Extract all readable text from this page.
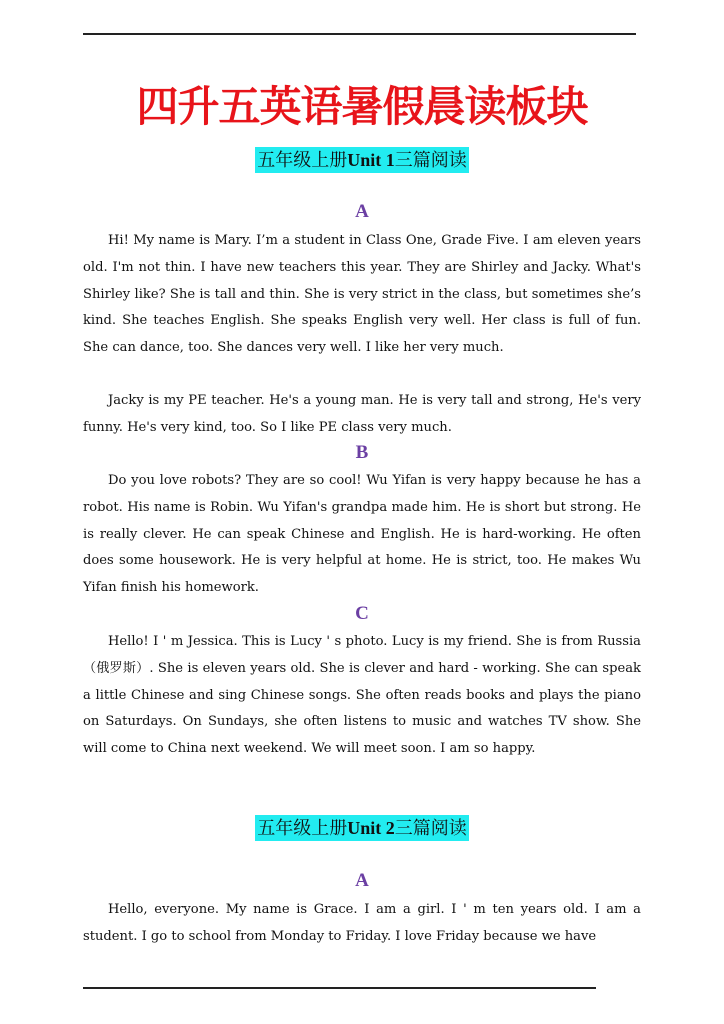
四升五英语暑假晨读板块
五年级上册Unit 1三篇阅读
A

Hi! My name is Mary. I’m a student in Class One, Grade Five. I am eleven years old. I'm not thin. I have new teachers this year. They are Shirley and Jacky. What's Shirley like? She is tall and thin. She is very strict in the class, but sometimes she’s kind. She teaches English. She speaks English very well. Her class is full of fun. She can dance, too. She dances very well. I like her very much.

Jacky is my PE teacher. He's a young man. He is very tall and strong, He's very funny. He's very kind, too. So I like PE class very much.

B

Do you love robots? They are so cool! Wu Yifan is very happy because he has a robot. His name is Robin. Wu Yifan's grandpa made him. He is short but strong. He is really clever. He can speak Chinese and English. He is hard-working. He often does some housework. He is very helpful at home. He is strict, too. He makes Wu Yifan finish his homework.

C

Hello! I ' m Jessica. This is Lucy ' s photo. Lucy is my friend. She is from Russia（俄罗斯）. She is eleven years old. She is clever and hard - working. She can speak a little Chinese and sing Chinese songs. She often reads books and plays the piano on Saturdays. On Sundays, she often listens to music and watches TV show. She will come to China next weekend. We will meet soon. I am so happy.

五年级上册Unit 2三篇阅读
A

Hello, everyone. My name is Grace. I am a girl. I ' m ten years old. I am a student. I go to school from Monday to Friday. I love Friday because we have
